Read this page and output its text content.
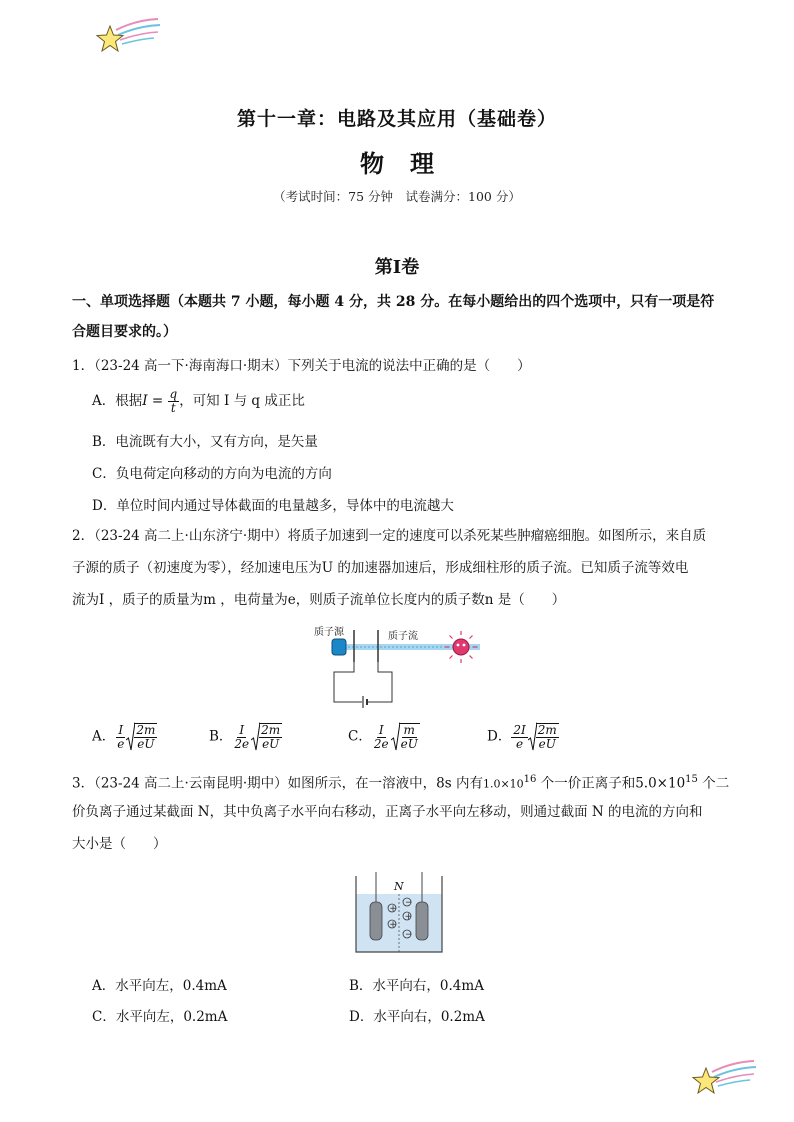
第十一章：电路及其应用（基础卷）
物理
（考试时间：75 分钟　试卷满分：100 分）
第Ⅰ卷
一、单项选择题（本题共 7 小题，每小题 4 分，共 28 分。在每小题给出的四个选项中，只有一项是符
合题目要求的。）
1．（23-24 高一下·海南海口·期末）下列关于电流的说法中正确的是（　　）
A．根据$I = \frac{q}{t}$ ，可知 I 与 q 成正比
B．电流既有大小，又有方向，是矢量
C．负电荷定向移动的方向为电流的方向
D．单位时间内通过导体截面的电量越多，导体中的电流越大
2．（23-24 高二上·山东济宁·期中）将质子加速到一定的速度可以杀死某些肿瘤癌细胞。如图所示，来自质
子源的质子（初速度为零），经加速电压为U 的加速器加速后，形成细柱形的质子流。已知质子流等效电
流为I ，质子的质量为m ，电荷量为e，则质子流单位长度内的质子数n 是（　　）
质子源	质子流
A． $\frac{I}{e} \frac{2m}{eU}$	B． $\frac{I}{2e} \frac{2m}{eU}$	C． $\frac{I}{2e} \frac{m}{eU}$	D． $\frac{2I}{e} \frac{2m}{eU}$
3．（23-24 高二上·云南昆明·期中）如图所示，在一溶液中，8s 内有$1.0\times 10^{16}$ 个一价正离子和$5.0\times 10^{15}$ 个二
价负离子通过某截面 N，其中负离子水平向右移动，正离子水平向左移动，则通过截面 N 的电流的方向和
大小是（　　）
N
+
+
+
−
−
A．水平向左，0.4mA	B．水平向右，0.4mA
C．水平向左，0.2mA	D．水平向右，0.2mA
